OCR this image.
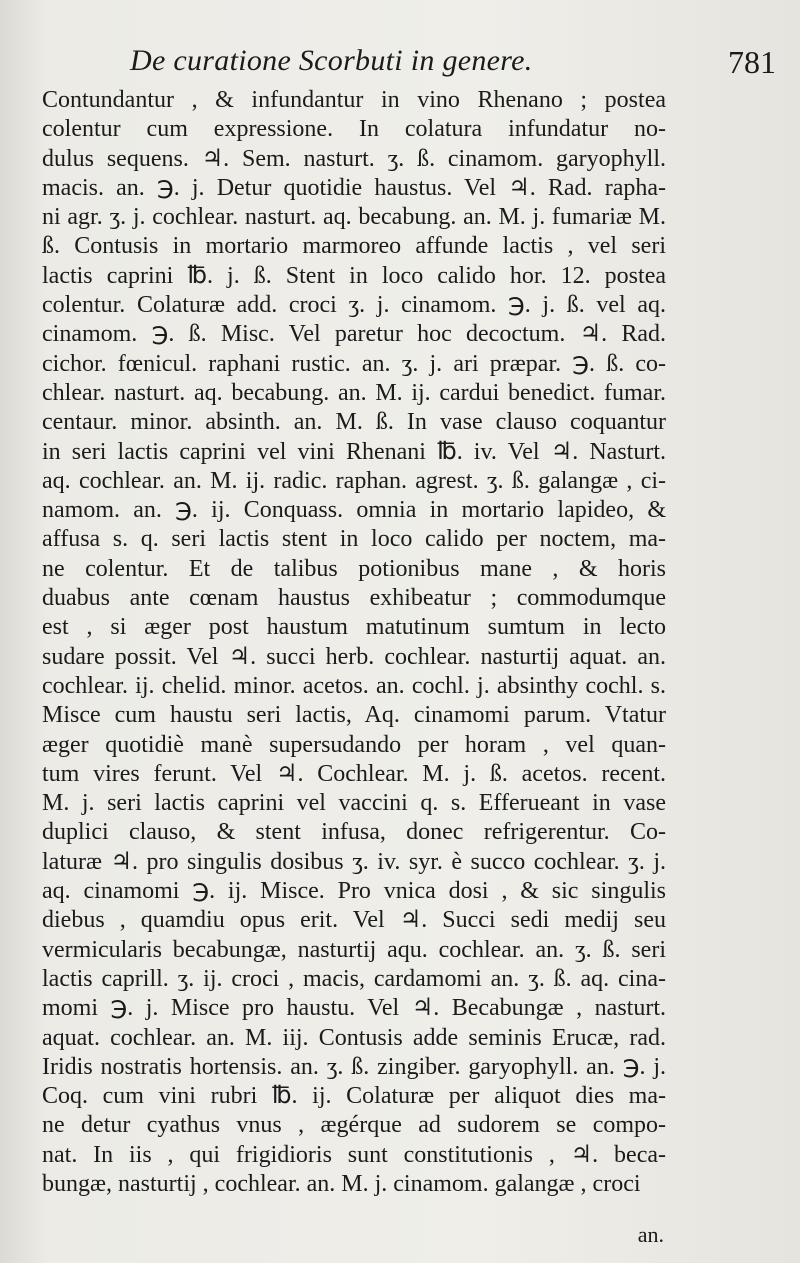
De curatione Scorbuti in genere.	781
Contundantur , & infundantur in vino Rhenano ; postea
colentur cum expressione. In colatura infundatur no-
dulus sequens. ♃. Sem. nasturt. ʒ. ß. cinamom. garyophyll.
macis. an. ℈. j. Detur quotidie haustus. Vel ♃. Rad. rapha-
ni agr. ʒ. j. cochlear. nasturt. aq. becabung. an. M. j. fumariæ M.
ß. Contusis in mortario marmoreo affunde lactis , vel seri
lactis caprini ℔. j. ß. Stent in loco calido hor. 12. postea
colentur. Colaturæ add. croci ʒ. j. cinamom. ℈. j. ß. vel aq.
cinamom. ℈. ß. Misc. Vel paretur hoc decoctum. ♃. Rad.
cichor. fœnicul. raphani rustic. an. ʒ. j. ari præpar. ℈. ß. co-
chlear. nasturt. aq. becabung. an. M. ij. cardui benedict. fumar.
centaur. minor. absinth. an. M. ß. In vase clauso coquantur
in seri lactis caprini vel vini Rhenani ℔. iv. Vel ♃. Nasturt.
aq. cochlear. an. M. ij. radic. raphan. agrest. ʒ. ß. galangæ , ci-
namom. an. ℈. ij. Conquass. omnia in mortario lapideo, &
affusa s. q. seri lactis stent in loco calido per noctem, ma-
ne colentur. Et de talibus potionibus mane , & horis
duabus ante cœnam haustus exhibeatur ; commodumque
est , si æger post haustum matutinum sumtum in lecto
sudare possit. Vel ♃. succi herb. cochlear. nasturtij aquat. an.
cochlear. ij. chelid. minor. acetos. an. cochl. j. absinthy cochl. s.
Misce cum haustu seri lactis, Aq. cinamomi parum. Vtatur
æger quotidiè manè supersudando per horam , vel quan-
tum vires ferunt. Vel ♃. Cochlear. M. j. ß. acetos. recent.
M. j. seri lactis caprini vel vaccini q. s. Efferueant in vase
duplici clauso, & stent infusa, donec refrigerentur. Co-
laturæ ♃. pro singulis dosibus ʒ. iv. syr. è succo cochlear. ʒ. j.
aq. cinamomi ℈. ij. Misce. Pro vnica dosi , & sic singulis
diebus , quamdiu opus erit. Vel ♃. Succi sedi medij seu
vermicularis becabungæ, nasturtij aqu. cochlear. an. ʒ. ß. seri
lactis caprill. ʒ. ij. croci , macis, cardamomi an. ʒ. ß. aq. cina-
momi ℈. j. Misce pro haustu. Vel ♃. Becabungæ , nasturt.
aquat. cochlear. an. M. iij. Contusis adde seminis Erucæ, rad.
Iridis nostratis hortensis. an. ʒ. ß. zingiber. garyophyll. an. ℈. j.
Coq. cum vini rubri ℔. ij. Colaturæ per aliquot dies ma-
ne detur cyathus vnus , ægérque ad sudorem se compo-
nat. In iis , qui frigidioris sunt constitutionis , ♃. beca-
bungæ, nasturtij , cochlear. an. M. j. cinamom. galangæ , croci
an.
